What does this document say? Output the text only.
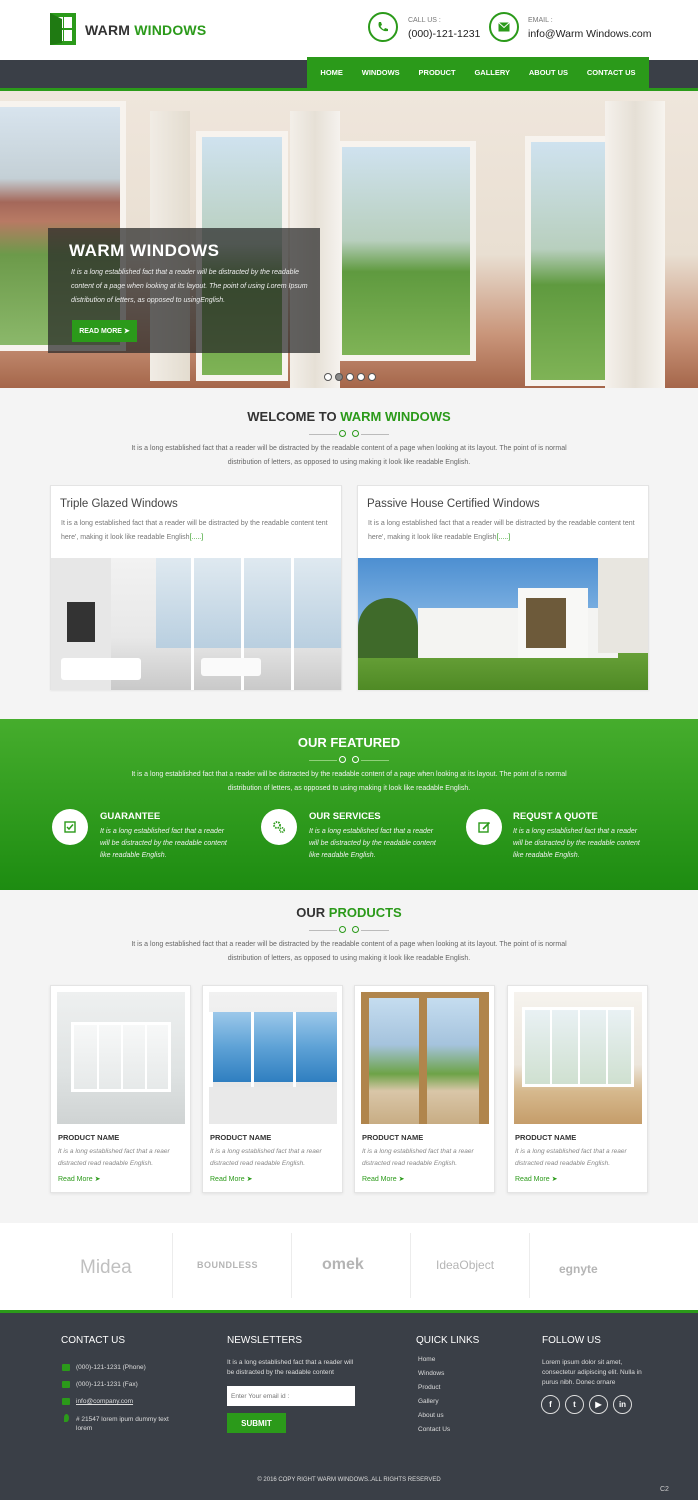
WARM WINDOWS
CALL US :
(000)-121-1231
EMAIL :
info@Warm Windows.com
HOME	WINDOWS	PRODUCT	GALLERY	ABOUT US	CONTACT US
WARM WINDOWS
It is a long established fact that a reader will be distracted by the readable content of a page when looking at its layout. The point of using Lorem Ipsum distribution of letters, as opposed to usingEnglish.
READ MORE
➤
WELCOME TO WARM WINDOWS
It is a long established fact that a reader will be distracted by the readable content of a page when looking at its layout. The point of is normal distribution of letters, as opposed to using making it look like readable English.
Triple Glazed Windows
It is a long established fact that a reader will be distracted by the readable content tent here', making it look like readable English[.....]
Passive House Certified Windows
It is a long established fact that a reader will be distracted by the readable content tent here', making it look like readable English[.....]
OUR FEATURED
It is a long established fact that a reader will be distracted by the readable content of a page when looking at its layout. The point of is normal distribution of letters, as opposed to using making it look like readable English.
GUARANTEE
It is a long established fact that a reader will be distracted by the readable content like readable English.
OUR SERVICES
It is a long established fact that a reader will be distracted by the readable content like readable English.
REQUST A QUOTE
It is a long established fact that a reader will be distracted by the readable content like readable English.
OUR PRODUCTS
It is a long established fact that a reader will be distracted by the readable content of a page when looking at its layout. The point of is normal distribution of letters, as opposed to using making it look like readable English.
PRODUCT NAME
It is a long established fact that a reaer distracted read readable English.
Read More ➤
PRODUCT NAME
It is a long established fact that a reaer distracted read readable English.
Read More ➤
PRODUCT NAME
It is a long established fact that a reaer distracted read readable English.
Read More ➤
PRODUCT NAME
It is a long established fact that a reaer distracted read readable English.
Read More ➤
Midea	BOUNDLESS	omek	IdeaObject	egnyte
CONTACT US
(000)-121-1231 (Phone)
(000)-121-1231 (Fax)
info@company.com
# 21547 lorem ipum dummy text lorem
NEWSLETTERS
It is a long established fact that a reader will be distracted by the readable content
Enter Your email id :
SUBMIT
QUICK LINKS
Home
Windows
Product
Gallery
About us
Contact Us
FOLLOW US
Lorem ipsum dolor sit amet, consectetur adipiscing elit. Nulla in purus nibh. Donec ornare
f	t	▶	in
© 2016 COPY RIGHT WARM WINDOWS..ALL RIGHTS RESERVED
C2
